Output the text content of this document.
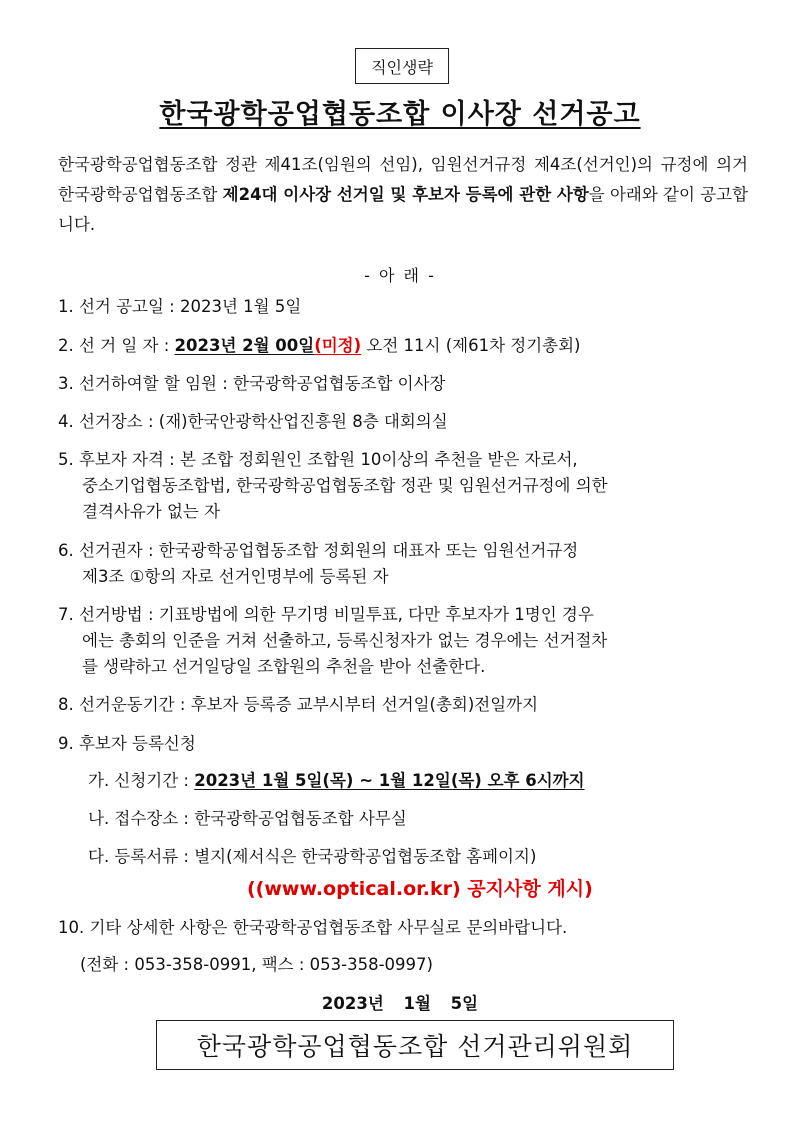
직인생략
한국광학공업협동조합 이사장 선거공고
한국광학공업협동조합 정관 제41조(임원의 선임), 임원선거규정 제4조(선거인)의 규정에 의거 한국광학공업협동조합 제24대 이사장 선거일 및 후보자 등록에 관한 사항을 아래와 같이 공고합니다.
- 아 래 -
1. 선거 공고일 : 2023년 1월 5일
2. 선 거 일 자 : 2023년 2월 00일(미정) 오전 11시 (제61차 정기총회)
3. 선거하여할 할 임원 : 한국광학공업협동조합 이사장
4. 선거장소 : (재)한국안광학산업진흥원 8층 대회의실
5. 후보자 자격 : 본 조합 정회원인 조합원 10이상의 추천을 받은 자로서,
중소기업협동조합법, 한국광학공업협동조합 정관 및 임원선거규정에 의한
결격사유가 없는 자
6. 선거권자 : 한국광학공업협동조합 정회원의 대표자 또는 임원선거규정
제3조 ①항의 자로 선거인명부에 등록된 자
7. 선거방법 : 기표방법에 의한 무기명 비밀투표, 다만 후보자가 1명인 경우
에는 총회의 인준을 거쳐 선출하고, 등록신청자가 없는 경우에는 선거절차
를 생략하고 선거일당일 조합원의 추천을 받아 선출한다.
8. 선거운동기간 : 후보자 등록증 교부시부터 선거일(총회)전일까지
9. 후보자 등록신청
가. 신청기간 : 2023년 1월 5일(목) ~ 1월 12일(목) 오후 6시까지
나. 접수장소 : 한국광학공업협동조합 사무실
다. 등록서류 : 별지(제서식은 한국광학공업협동조합 홈페이지)
((www.optical.or.kr) 공지사항 게시)
10. 기타 상세한 사항은 한국광학공업협동조합 사무실로 문의바랍니다.
(전화 : 053-358-0991, 팩스 : 053-358-0997)
2023년 1월 5일
한국광학공업협동조합 선거관리위원회
